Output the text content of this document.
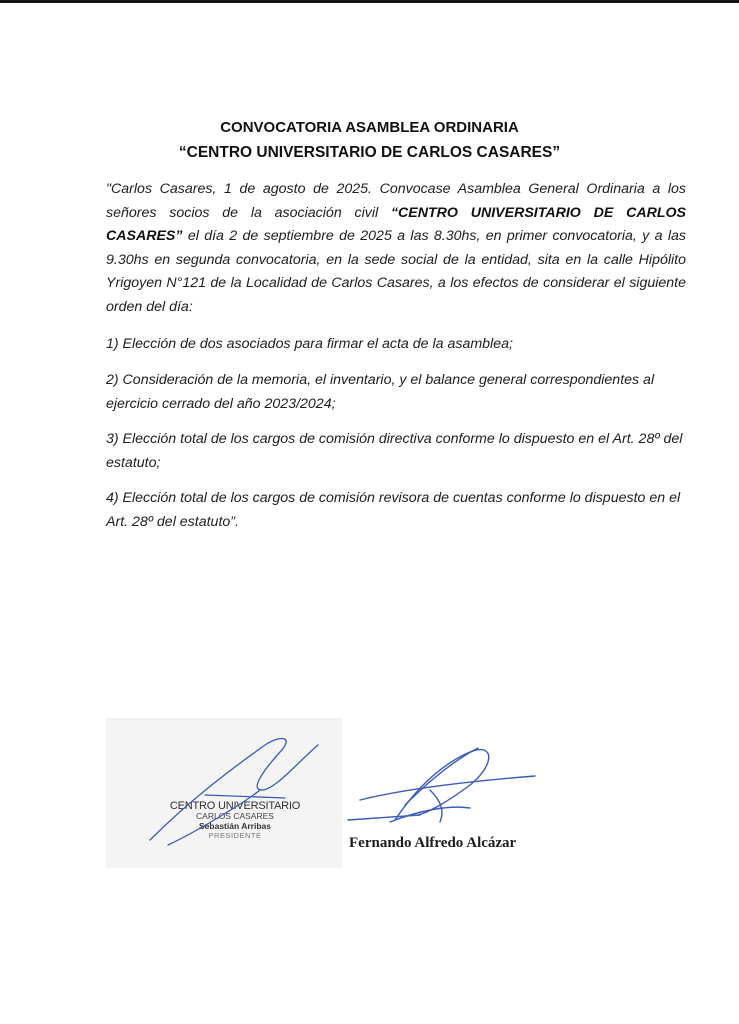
CONVOCATORIA ASAMBLEA ORDINARIA
“CENTRO UNIVERSITARIO DE CARLOS CASARES”
"Carlos Casares, 1 de agosto de 2025. Convocase Asamblea General Ordinaria a los señores socios de la asociación civil “CENTRO UNIVERSITARIO DE CARLOS CASARES” el día 2 de septiembre de 2025 a las 8.30hs, en primer convocatoria, y a las 9.30hs en segunda convocatoria, en la sede social de la entidad, sita en la calle Hipólito Yrigoyen N°121 de la Localidad de Carlos Casares, a los efectos de considerar el siguiente orden del día:
1) Elección de dos asociados para firmar el acta de la asamblea;
2) Consideración de la memoria, el inventario, y el balance general correspondientes al ejercicio cerrado del año 2023/2024;
3) Elección total de los cargos de comisión directiva conforme lo dispuesto en el Art. 28º del estatuto;
4) Elección total de los cargos de comisión revisora de cuentas conforme lo dispuesto en el Art. 28º del estatuto”.
CENTRO UNIVERSITARIO
CARLOS CASARES
Sebastián Arribas
PRESIDENTE	Fernando Alfredo Alcázar
